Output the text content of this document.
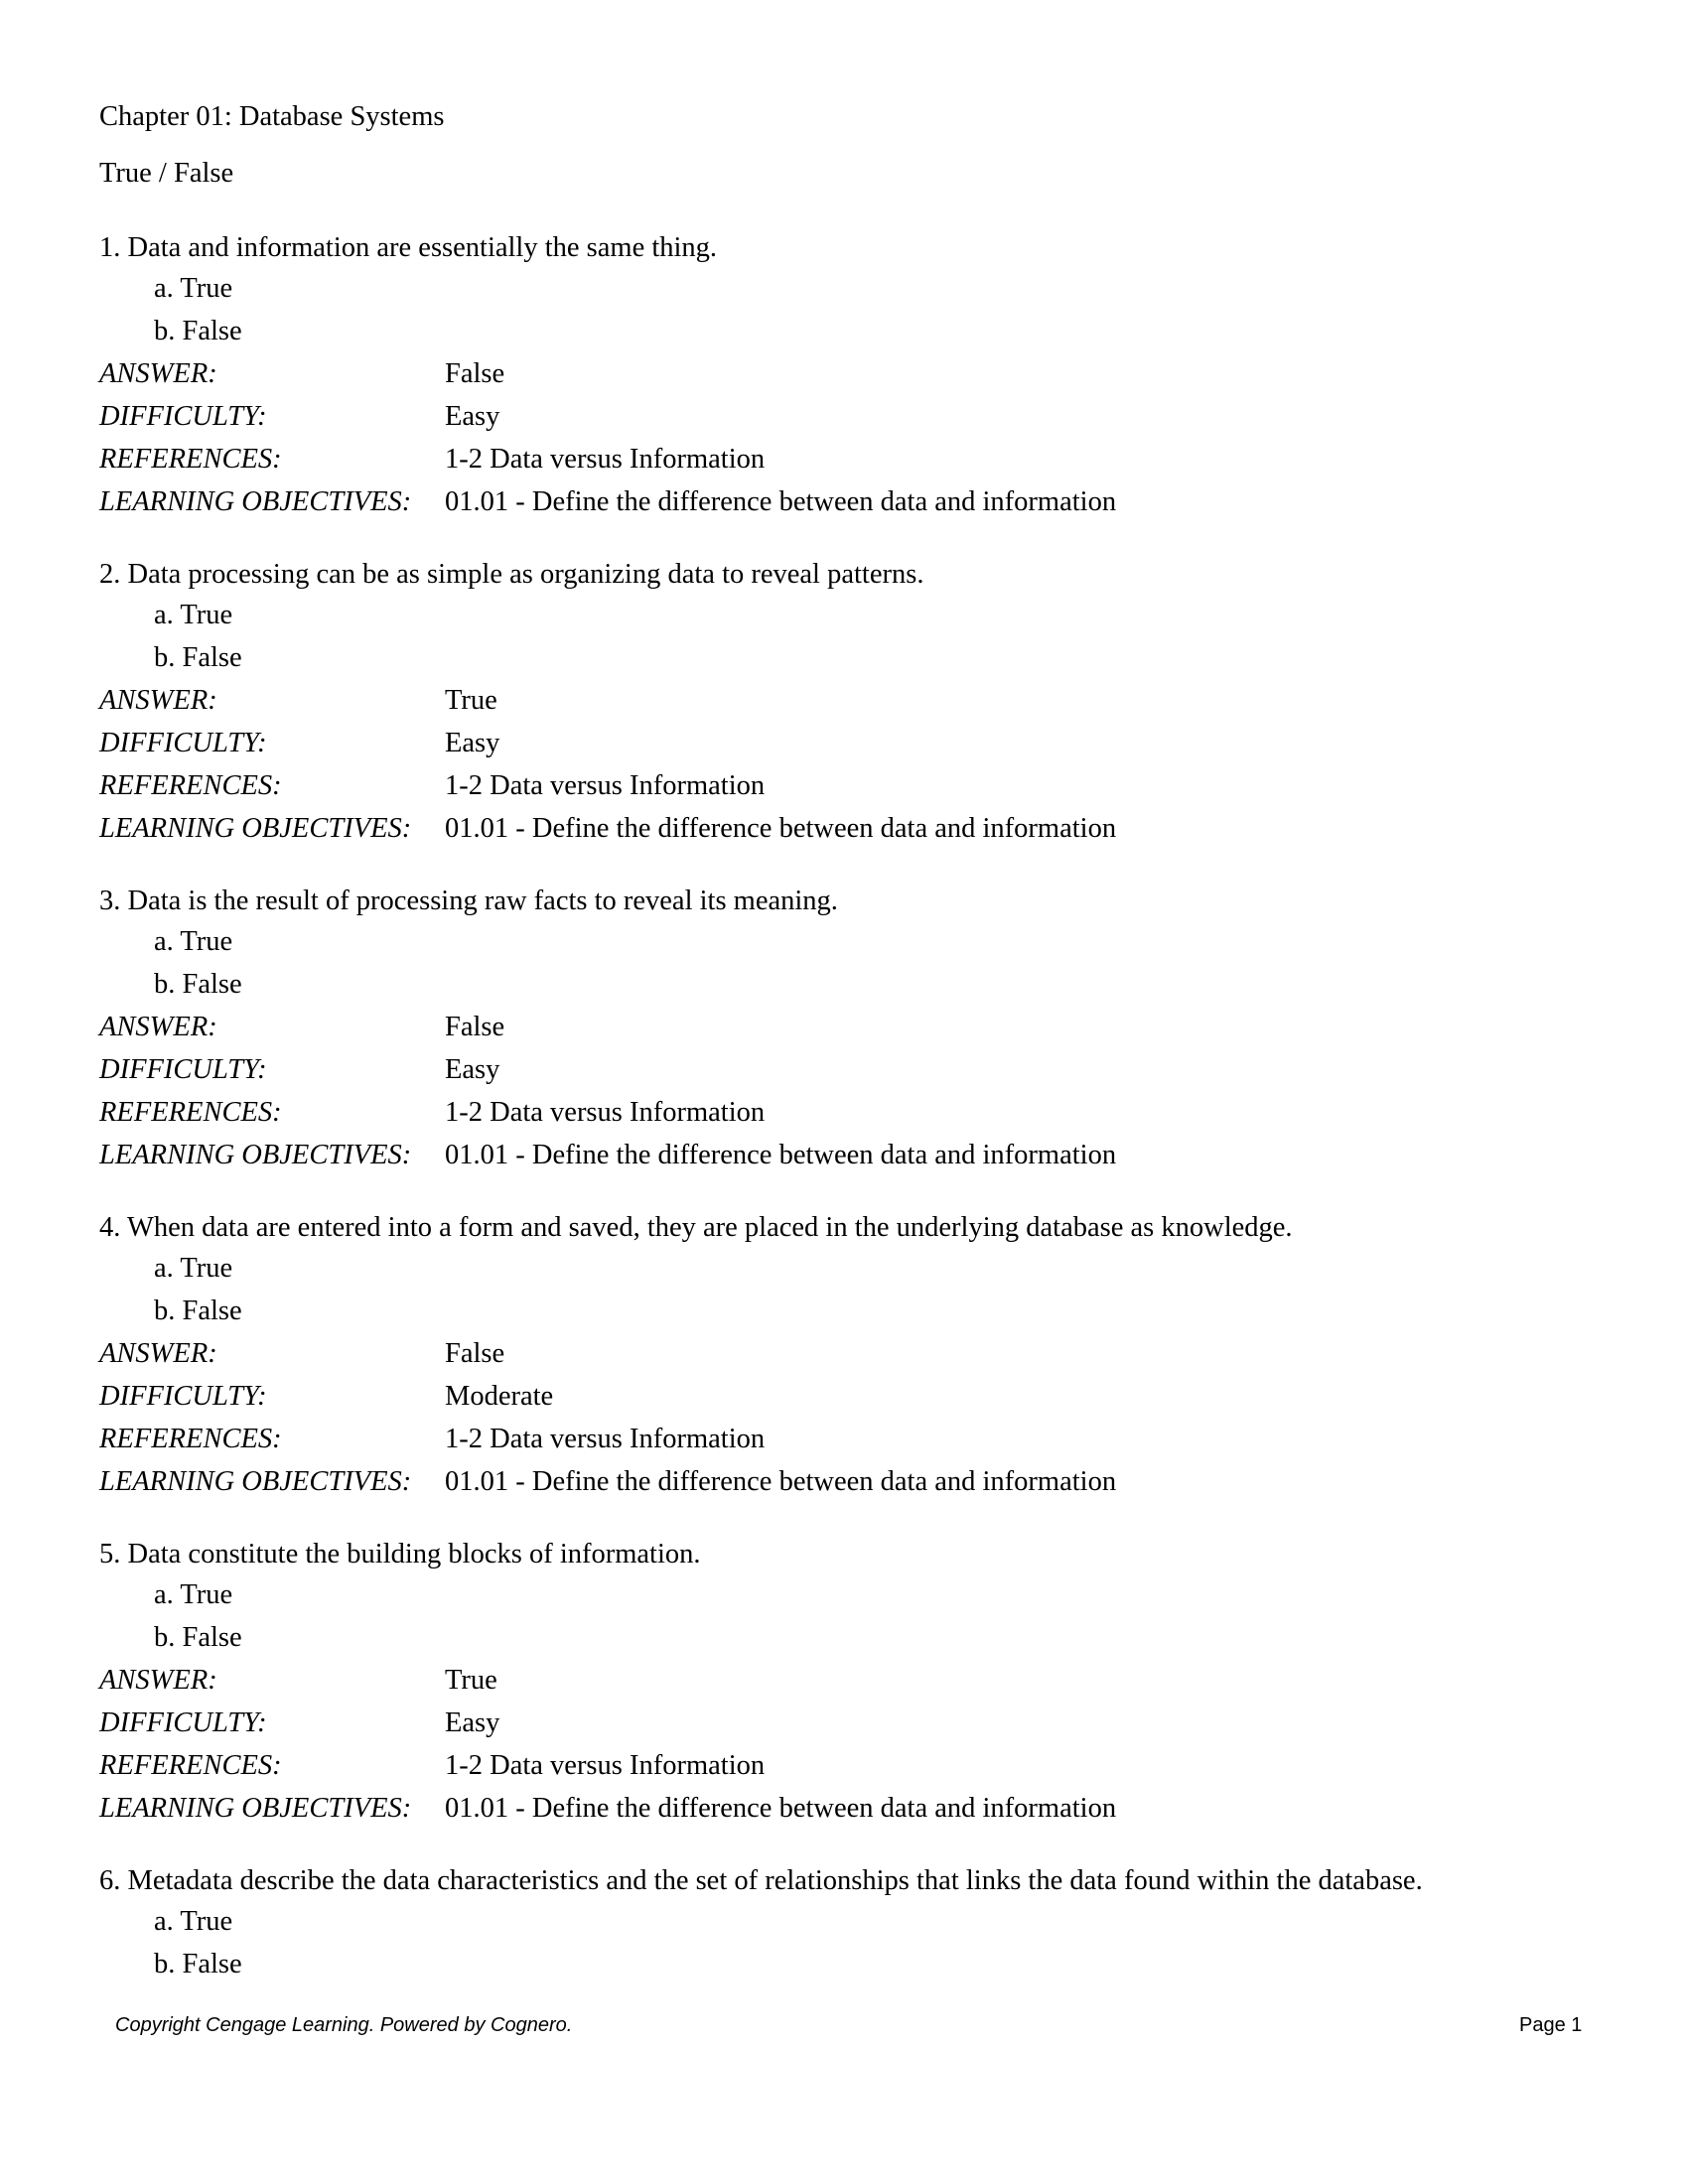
Chapter 01: Database Systems
True / False
1. Data and information are essentially the same thing.
a. True
b. False
ANSWER:	False
DIFFICULTY:	Easy
REFERENCES:	1-2 Data versus Information
LEARNING OBJECTIVES: 01.01 - Define the difference between data and information
2. Data processing can be as simple as organizing data to reveal patterns.
a. True
b. False
ANSWER:	True
DIFFICULTY:	Easy
REFERENCES:	1-2 Data versus Information
LEARNING OBJECTIVES: 01.01 - Define the difference between data and information
3. Data is the result of processing raw facts to reveal its meaning.
a. True
b. False
ANSWER:	False
DIFFICULTY:	Easy
REFERENCES:	1-2 Data versus Information
LEARNING OBJECTIVES: 01.01 - Define the difference between data and information
4. When data are entered into a form and saved, they are placed in the underlying database as knowledge.
a. True
b. False
ANSWER:	False
DIFFICULTY:	Moderate
REFERENCES:	1-2 Data versus Information
LEARNING OBJECTIVES: 01.01 - Define the difference between data and information
5. Data constitute the building blocks of information.
a. True
b. False
ANSWER:	True
DIFFICULTY:	Easy
REFERENCES:	1-2 Data versus Information
LEARNING OBJECTIVES: 01.01 - Define the difference between data and information
6. Metadata describe the data characteristics and the set of relationships that links the data found within the database.
a. True
b. False
Copyright Cengage Learning. Powered by Cognero.	Page 1
